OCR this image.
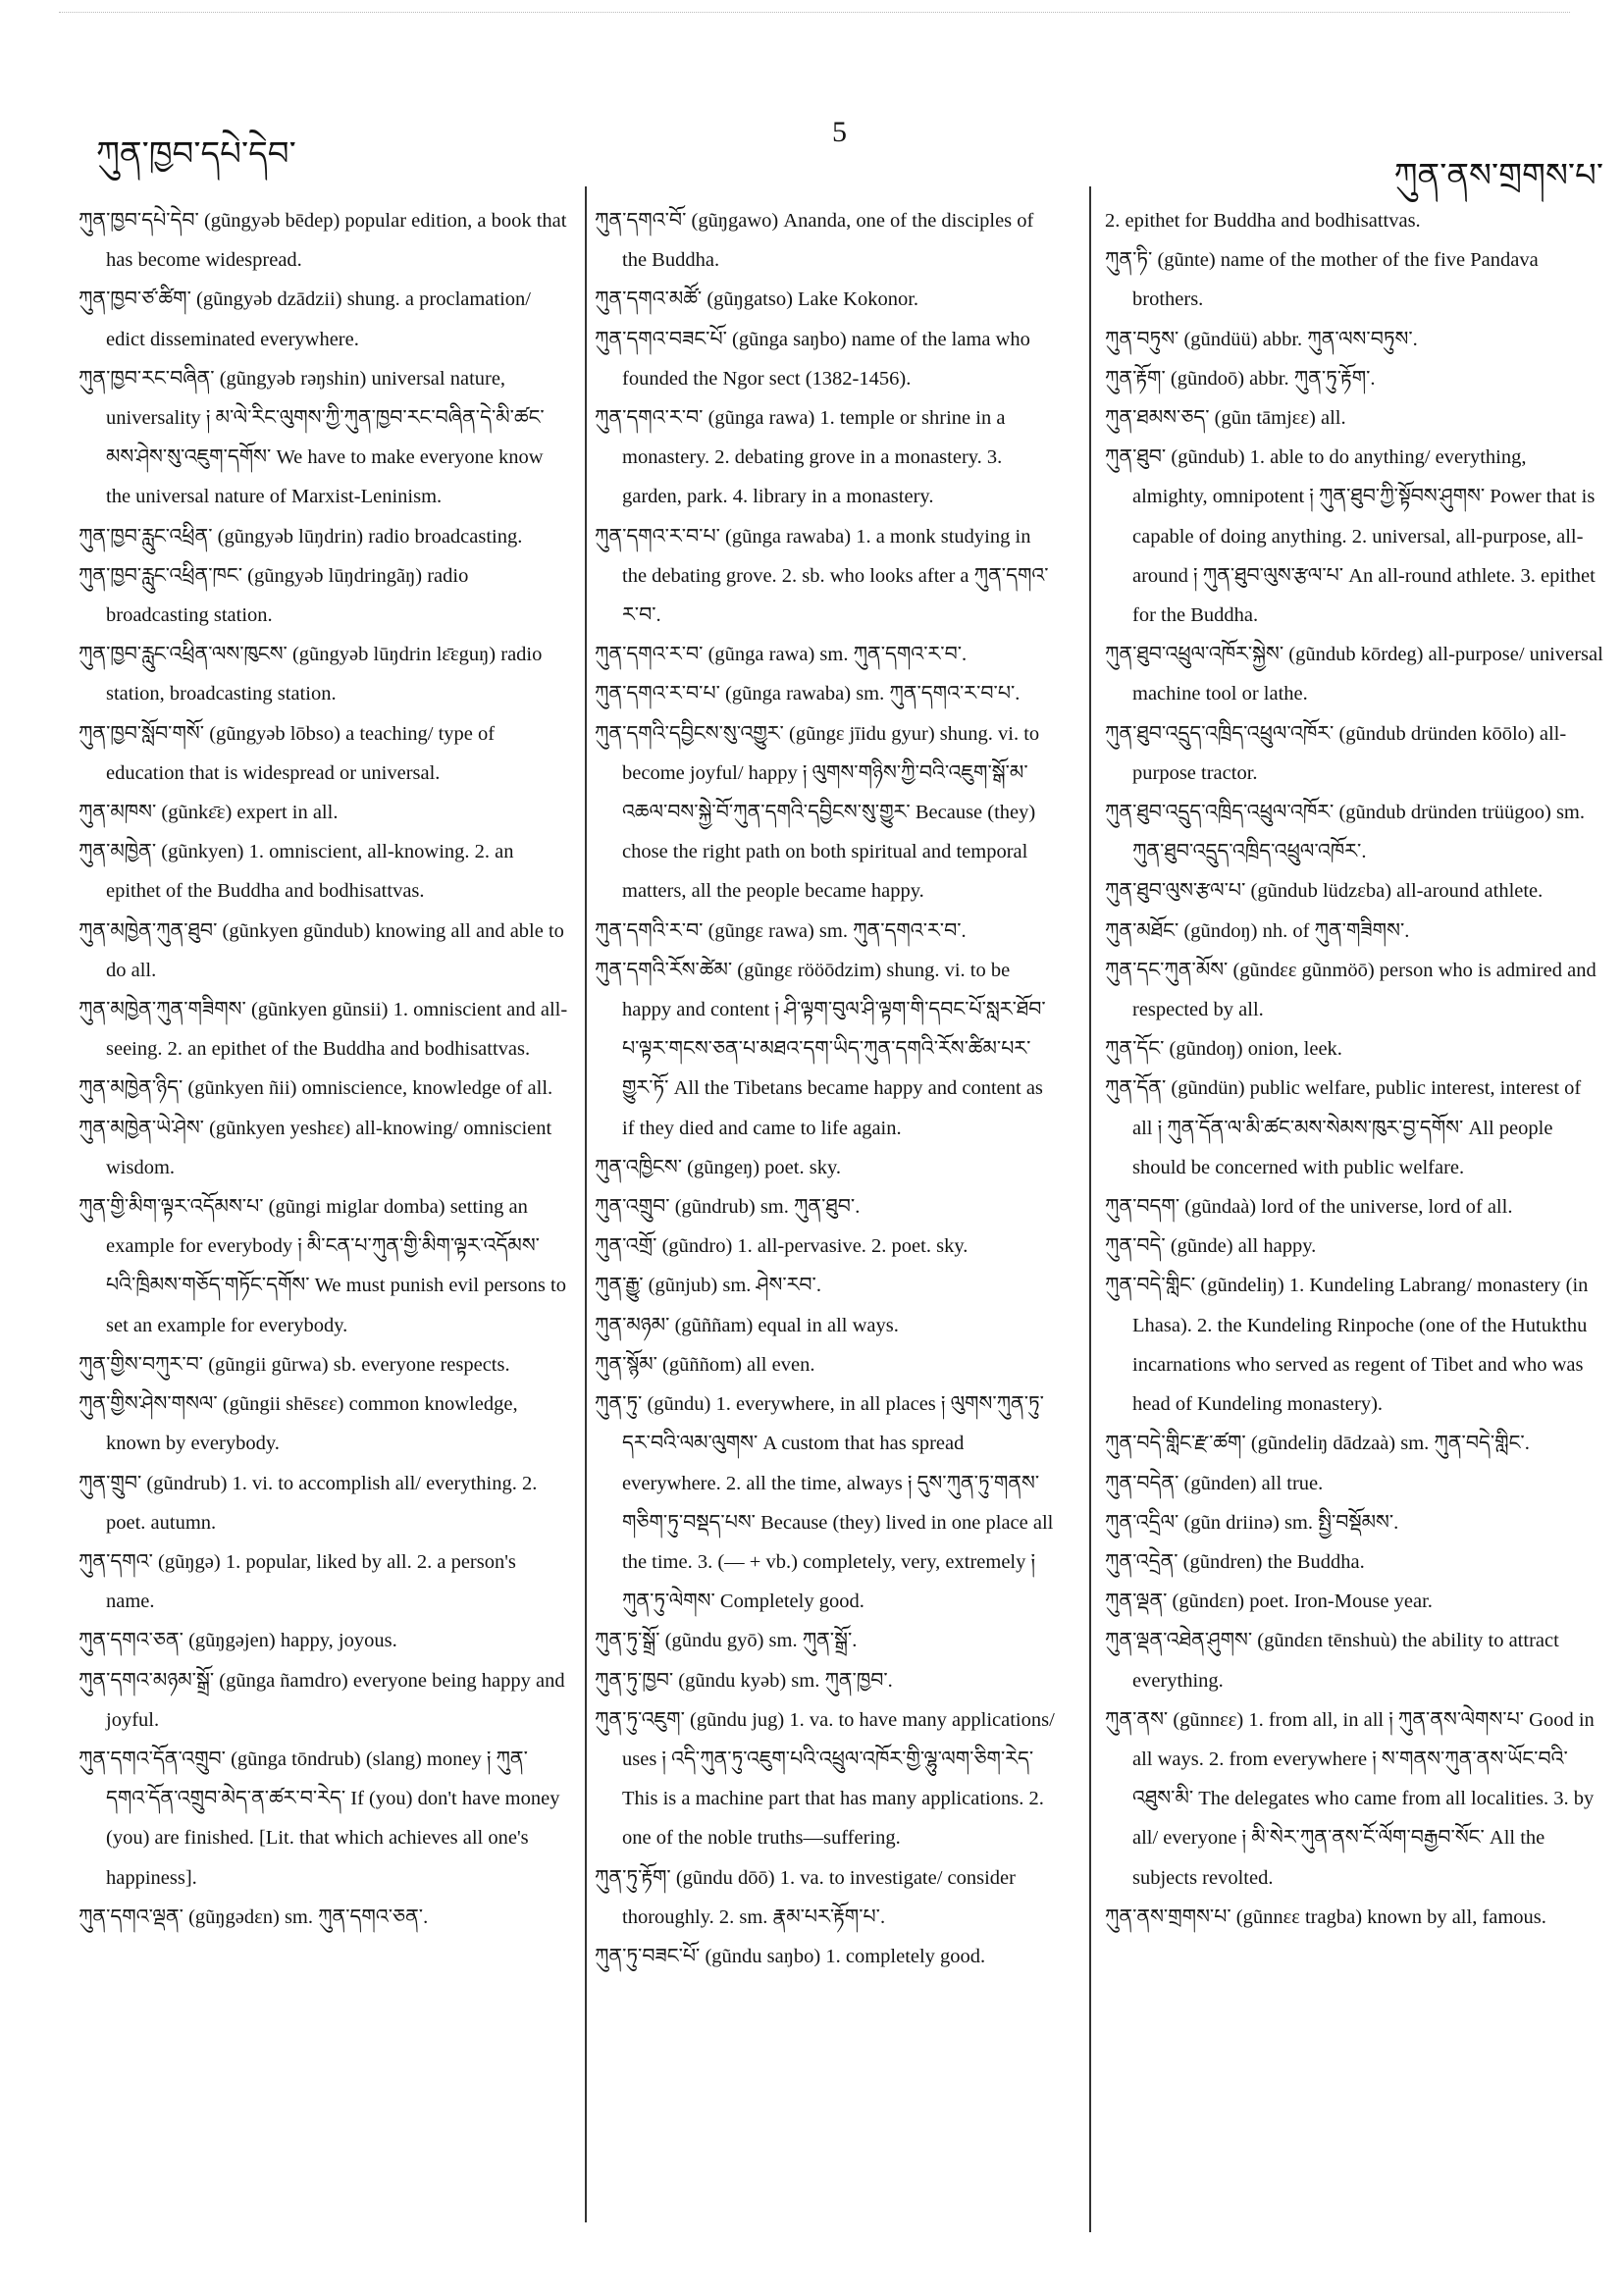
ཀུན་ཁྱབ་དཔེ་དེབ་
5
ཀུན་ནས་གྲགས་པ་

ཀུན་ཁྱབ་དཔེ་དེབ་ (gũngyəb bēdep) popular edition, a book that has become widespread.

ཀུན་ཁྱབ་ཙ་ཚིག་ (gũngyəb dzādzii) shung. a proclamation/ edict disseminated everywhere.

ཀུན་ཁྱབ་རང་བཞིན་ (gũngyəb rəŋshin) universal nature, universality ༏ མ་ལེ་རིང་ལུགས་ཀྱི་ཀུན་ཁྱབ་རང་བཞིན་དེ་མི་ཚང་མས་ཤེས་སུ་འཇུག་དགོས་ We have to make everyone know the universal nature of Marxist-Leninism.

ཀུན་ཁྱབ་རླུང་འཕྲིན་ (gũngyəb lūŋdrin) radio broadcasting.

ཀུན་ཁྱབ་རླུང་འཕྲིན་ཁང་ (gũngyəb lūŋdringãŋ) radio broadcasting station.

ཀུན་ཁྱབ་རླུང་འཕྲིན་ལས་ཁུངས་ (gũngyəb lūŋdrin lɛ̄ɛguŋ) radio station, broadcasting station.

ཀུན་ཁྱབ་སློབ་གསོ་ (gũngyəb lōbso) a teaching/ type of education that is widespread or universal.

ཀུན་མཁས་ (gũnkɛ̄ɛ) expert in all.

ཀུན་མཁྱེན་ (gũnkyen) 1. omniscient, all-knowing. 2. an epithet of the Buddha and bodhisattvas.

ཀུན་མཁྱེན་ཀུན་ཐུབ་ (gũnkyen gũndub) knowing all and able to do all.

ཀུན་མཁྱེན་ཀུན་གཟིགས་ (gũnkyen gũnsii) 1. omniscient and all-seeing. 2. an epithet of the Buddha and bodhisattvas.

ཀུན་མཁྱེན་ཉིད་ (gũnkyen ñii) omniscience, knowledge of all.

ཀུན་མཁྱེན་ཡེ་ཤེས་ (gũnkyen yeshɛɛ) all-knowing/ omniscient wisdom.

ཀུན་གྱི་མིག་ལྟར་འདོམས་པ་ (gũngi miglar domba) setting an example for everybody ༏ མི་ངན་པ་ཀུན་གྱི་མིག་ལྟར་འདོམས་པའི་ཁྲིམས་གཅོད་གཏོང་དགོས་ We must punish evil persons to set an example for everybody.

ཀུན་གྱིས་བཀུར་བ་ (gũngii gũrwa) sb. everyone respects.

ཀུན་གྱིས་ཤེས་གསལ་ (gũngii shēsɛɛ) common knowledge, known by everybody.

ཀུན་གྲུབ་ (gũndrub) 1. vi. to accomplish all/ everything. 2. poet. autumn.

ཀུན་དགའ་ (gũŋgə) 1. popular, liked by all. 2. a person's name.

ཀུན་དགའ་ཅན་ (gũŋgəjen) happy, joyous.

ཀུན་དགའ་མཉམ་སྒྲོ་ (gũnga ñamdro) everyone being happy and joyful.

ཀུན་དགའ་དོན་འགྲུབ་ (gũnga tōndrub) (slang) money ༏ ཀུན་དགའ་དོན་འགྲུབ་མེད་ན་ཚར་བ་རེད་ If (you) don't have money (you) are finished. [Lit. that which achieves all one's happiness].

ཀུན་དགའ་ལྡན་ (gũŋgədɛn) sm. ཀུན་དགའ་ཅན་.

ཀུན་དགའ་བོ་ (gũŋgawo) Ananda, one of the disciples of the Buddha.

ཀུན་དགའ་མཚོ་ (gũŋgatso) Lake Kokonor.

ཀུན་དགའ་བཟང་པོ་ (gũnga saŋbo) name of the lama who founded the Ngor sect (1382-1456).

ཀུན་དགའ་ར་བ་ (gũnga rawa) 1. temple or shrine in a monastery. 2. debating grove in a monastery. 3. garden, park. 4. library in a monastery.

ཀུན་དགའ་ར་བ་པ་ (gũnga rawaba) 1. a monk studying in the debating grove. 2. sb. who looks after a ཀུན་དགའ་ར་བ་.

ཀུན་དགའ་ར་བ་ (gũnga rawa) sm. ཀུན་དགའ་ར་བ་.

ཀུན་དགའ་ར་བ་པ་ (gũnga rawaba) sm. ཀུན་དགའ་ར་བ་པ་.

ཀུན་དགའི་དབྱིངས་སུ་འགྱུར་ (gũngɛ jīidu gyur) shung. vi. to become joyful/ happy ༏ ལུགས་གཉིས་ཀྱི་བའི་འཇུག་སྒོ་མ་འཆལ་བས་སྐྱེ་བོ་ཀུན་དགའི་དབྱིངས་སུ་གྱུར་ Because (they) chose the right path on both spiritual and temporal matters, all the people became happy.

ཀུན་དགའི་ར་བ་ (gũngɛ rawa) sm. ཀུན་དགའ་ར་བ་.

ཀུན་དགའི་རོས་ཚེམ་ (gũngɛ rööōdzim) shung. vi. to be happy and content ༏ ཤི་ལྟག་བུལ་ཤི་ལྟག་གི་དབང་པོ་སླར་ཐོབ་པ་ལྟར་གངས་ཅན་པ་མཐའ་དག་ཡིད་ཀུན་དགའི་རོས་ཚིམ་པར་གྱུར་ཏོ་ All the Tibetans became happy and content as if they died and came to life again.

ཀུན་འཁྱིངས་ (gũngeŋ) poet. sky.

ཀུན་འགྲུབ་ (gũndrub) sm. ཀུན་ཐུབ་.

ཀུན་འགྲོ་ (gũndro) 1. all-pervasive. 2. poet. sky.

ཀུན་རྒྱུ་ (gũnjub) sm. ཤེས་རབ་.

ཀུན་མཉམ་ (gũññam) equal in all ways.

ཀུན་སྙོམ་ (gũññom) all even.

ཀུན་ཏུ་ (gũndu) 1. everywhere, in all places ༏ ལུགས་ཀུན་ཏུ་དར་བའི་ལམ་ལུགས་ A custom that has spread everywhere. 2. all the time, always ༏ དུས་ཀུན་ཏུ་གནས་གཅིག་ཏུ་བསྡད་པས་ Because (they) lived in one place all the time. 3. (— + vb.) completely, very, extremely ༏ ཀུན་ཏུ་ལེགས་ Completely good.

ཀུན་ཏུ་སྒྲོ་ (gũndu gyō) sm. ཀུན་སྒྲོ་.

ཀུན་ཏུ་ཁྱབ་ (gũndu kyəb) sm. ཀུན་ཁྱབ་.

ཀུན་ཏུ་འཇུག་ (gũndu jug) 1. va. to have many applications/ uses ༏ འདི་ཀུན་ཏུ་འཇུག་པའི་འཕྲུལ་འཁོར་གྱི་ལྷུ་ལག་ཅིག་རེད་ This is a machine part that has many applications. 2. one of the noble truths—suffering.

ཀུན་ཏུ་རྟོག་ (gũndu dōō) 1. va. to investigate/ consider thoroughly. 2. sm. རྣམ་པར་རྟོག་པ་.

ཀུན་ཏུ་བཟང་པོ་ (gũndu saŋbo) 1. completely good.

2. epithet for Buddha and bodhisattvas.

ཀུན་ཏི་ (gũnte) name of the mother of the five Pandava brothers.

ཀུན་བཏུས་ (gũndüü) abbr. ཀུན་ལས་བཏུས་.

ཀུན་རྟོག་ (gũndoō) abbr. ཀུན་ཏུ་རྟོག་.

ཀུན་ཐམས་ཅད་ (gũn tāmjɛɛ) all.

ཀུན་ཐུབ་ (gũndub) 1. able to do anything/ everything, almighty, omnipotent ༏ ཀུན་ཐུབ་ཀྱི་སྟོབས་ཤུགས་ Power that is capable of doing anything. 2. universal, all-purpose, all-around ༏ ཀུན་ཐུབ་ལུས་རྩལ་པ་ An all-round athlete. 3. epithet for the Buddha.

ཀུན་ཐུབ་འཕྲུལ་འཁོར་སྐྱེས་ (gũndub kōrdeg) all-purpose/ universal machine tool or lathe.

ཀུན་ཐུབ་འདྲུད་འཁྲིད་འཕྲུལ་འཁོར་ (gũndub dründen kōōlo) all-purpose tractor.

ཀུན་ཐུབ་འདྲུད་འཁྲིད་འཕྲུལ་འཁོར་ (gũndub dründen trüügoo) sm. ཀུན་ཐུབ་འདྲུད་འཁྲིད་འཕྲུལ་འཁོར་.

ཀུན་ཐུབ་ལུས་རྩལ་པ་ (gũndub lüdzɛba) all-around athlete.

ཀུན་མཐོང་ (gũndoŋ) nh. of ཀུན་གཟིགས་.

ཀུན་དང་ཀུན་མོས་ (gũndɛɛ gũnmöō) person who is admired and respected by all.

ཀུན་དོང་ (gũndoŋ) onion, leek.

ཀུན་དོན་ (gũndün) public welfare, public interest, interest of all ༏ ཀུན་དོན་ལ་མི་ཚང་མས་སེམས་ཁུར་བྱ་དགོས་ All people should be concerned with public welfare.

ཀུན་བདག་ (gũndaà) lord of the universe, lord of all.

ཀུན་བདེ་ (gũnde) all happy.

ཀུན་བདེ་གླིང་ (gũndeliŋ) 1. Kundeling Labrang/ monastery (in Lhasa). 2. the Kundeling Rinpoche (one of the Hutukthu incarnations who served as regent of Tibet and who was head of Kundeling monastery).

ཀུན་བདེ་གླིང་རྫ་ཚག་ (gũndeliŋ dādzaà) sm. ཀུན་བདེ་གླིང་.

ཀུན་བདེན་ (gũnden) all true.

ཀུན་འདྲིལ་ (gũn driinə) sm. སྤྱི་བསྡོམས་.

ཀུན་འདྲེན་ (gũndren) the Buddha.

ཀུན་ལྡན་ (gũndɛn) poet. Iron-Mouse year.

ཀུན་ལྡན་འཐེན་ཤུགས་ (gũndɛn tēnshuù) the ability to attract everything.

ཀུན་ནས་ (gũnnɛɛ) 1. from all, in all ༏ ཀུན་ནས་ལེགས་པ་ Good in all ways. 2. from everywhere ༏ ས་གནས་ཀུན་ནས་ཡོང་བའི་འཐུས་མི་ The delegates who came from all localities. 3. by all/ everyone ༏ མི་སེར་ཀུན་ནས་ངོ་ལོག་བརྒྱབ་སོང་ All the subjects revolted.

ཀུན་ནས་གྲགས་པ་ (gũnnɛɛ tragba) known by all, famous.
